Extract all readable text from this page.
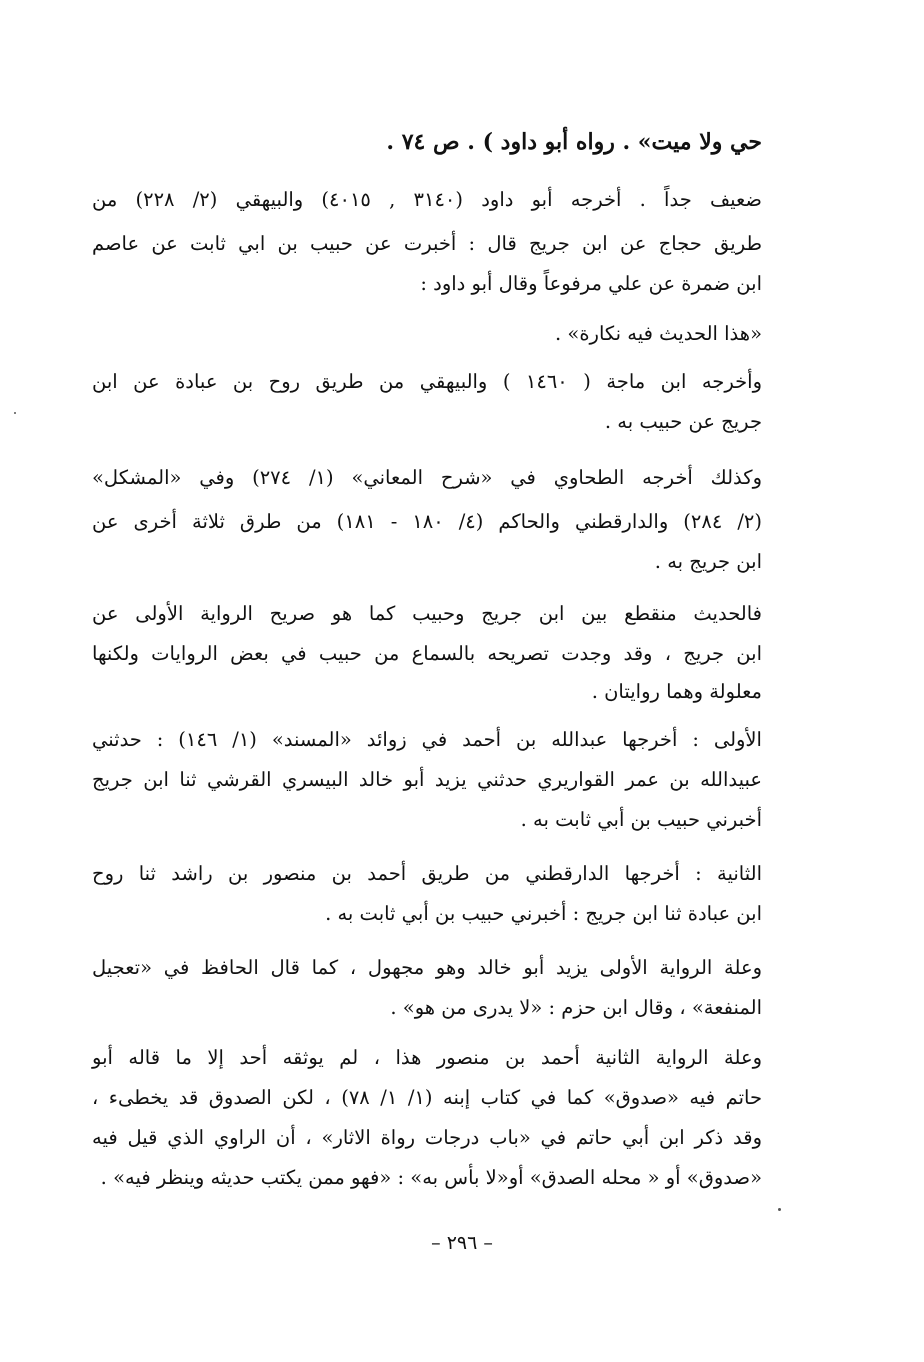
حي ولا ميت» . رواه أبو داود ) . ص ٧٤ .
ضعيف جداً . أخرجه أبو داود (٣١٤٠ , ٤٠١٥) والبيهقي (٢/ ٢٢٨) من
طريق حجاج عن ابن جريج قال : أخبرت عن حبيب بن ابي ثابت عن عاصم
ابن ضمرة عن علي مرفوعاً وقال أبو داود :
«هذا الحديث فيه نكارة» .
وأخرجه ابن ماجة ( ١٤٦٠ ) والبيهقي من طريق روح بن عبادة عن ابن
جريج عن حبيب به .
وكذلك أخرجه الطحاوي في «شرح المعاني» (١/ ٢٧٤) وفي «المشكل»
(٢/ ٢٨٤) والدارقطني والحاكم (٤/ ١٨٠ - ١٨١) من طرق ثلاثة أخرى عن
ابن جريج به .
فالحديث منقطع بين ابن جريج وحبيب كما هو صريح الرواية الأولى عن
ابن جريج ، وقد وجدت تصريحه بالسماع من حبيب في بعض الروايات ولكنها
معلولة وهما روايتان .
الأولى : أخرجها عبدالله بن أحمد في زوائد «المسند» (١/ ١٤٦) : حدثني
عبيدالله بن عمر القواريري حدثني يزيد أبو خالد البيسري القرشي ثنا ابن جريج
أخبرني حبيب بن أبي ثابت به .
الثانية : أخرجها الدارقطني من طريق أحمد بن منصور بن راشد ثنا روح
ابن عبادة ثنا ابن جريج : أخبرني حبيب بن أبي ثابت به .
وعلة الرواية الأولى يزيد أبو خالد وهو مجهول ، كما قال الحافظ في «تعجيل
المنفعة» ، وقال ابن حزم : «لا يدرى من هو» .
وعلة الرواية الثانية أحمد بن منصور هذا ، لم يوثقه أحد إلا ما قاله أبو
حاتم فيه «صدوق» كما في كتاب إبنه (١/ ١/ ٧٨) ، لكن الصدوق قد يخطىء ،
وقد ذكر ابن أبي حاتم في «باب درجات رواة الاثار» ، أن الراوي الذي قيل فيه
«صدوق» أو « محله الصدق» أو«لا بأس به» : «فهو ممن يكتب حديثه وينظر فيه» .
– ٢٩٦ –
